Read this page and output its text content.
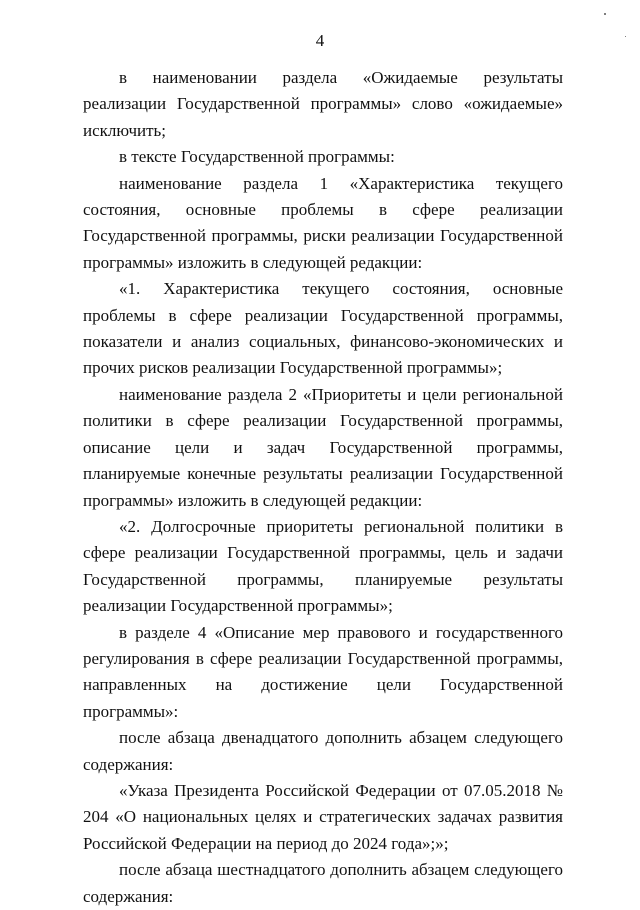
4

в наименовании раздела «Ожидаемые результаты реализации Государственной программы» слово «ожидаемые» исключить;

в тексте Государственной программы:

наименование раздела 1 «Характеристика текущего состояния, основные проблемы в сфере реализации Государственной программы, риски реализации Государственной программы» изложить в следующей редакции:

«1. Характеристика текущего состояния, основные проблемы в сфере реализации Государственной программы, показатели и анализ социальных, финансово-экономических и прочих рисков реализации Государственной программы»;

наименование раздела 2 «Приоритеты и цели региональной политики в сфере реализации Государственной программы, описание цели и задач Государственной программы, планируемые конечные результаты реализации Государственной программы» изложить в следующей редакции:

«2. Долгосрочные приоритеты региональной политики в сфере реализации Государственной программы, цель и задачи Государственной программы, планируемые результаты реализации Государственной программы»;

в разделе 4 «Описание мер правового и государственного регулирования в сфере реализации Государственной программы, направленных на достижение цели Государственной программы»:

после абзаца двенадцатого дополнить абзацем следующего содержания:

«Указа Президента Российской Федерации от 07.05.2018 № 204 «О национальных целях и стратегических задачах развития Российской Федерации на период до 2024 года»;»;

после абзаца шестнадцатого дополнить абзацем следующего содержания:
